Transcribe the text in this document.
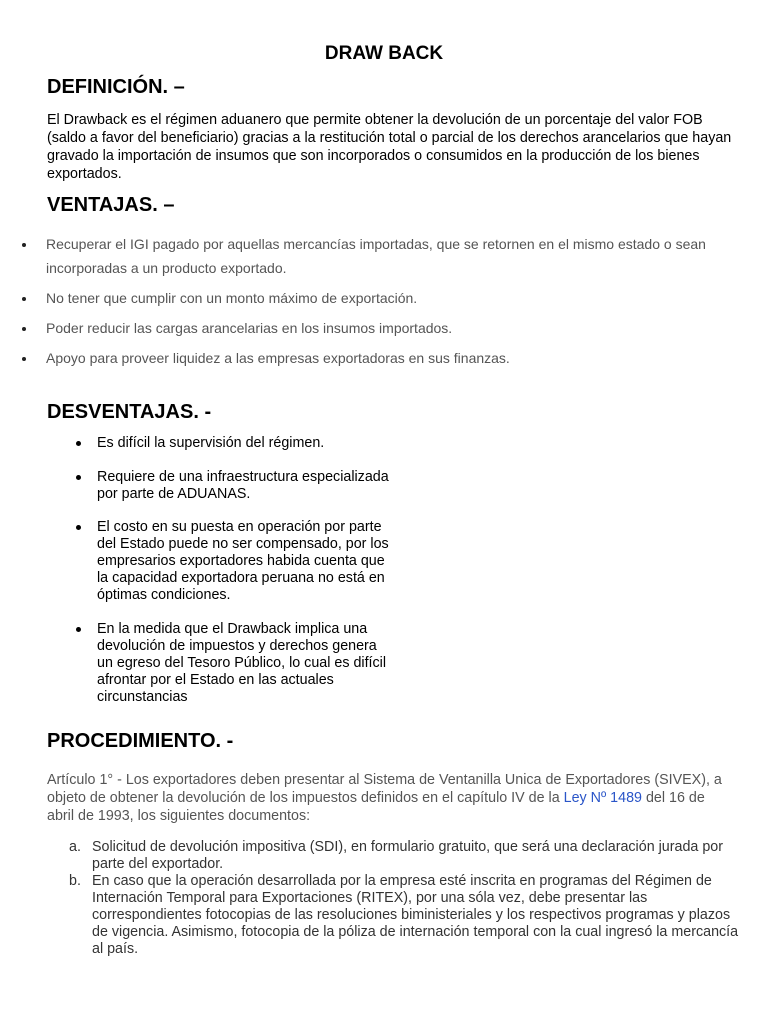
DRAW BACK
DEFINICIÓN. –

El Drawback es el régimen aduanero que permite obtener la devolución de un porcentaje del valor FOB (saldo a favor del beneficiario) gracias a la restitución total o parcial de los derechos arancelarios que hayan gravado la importación de insumos que son incorporados o consumidos en la producción de los bienes exportados.

VENTAJAS. –
Recuperar el IGI pagado por aquellas mercancías importadas, que se retornen en el mismo estado o sean incorporadas a un producto exportado.
No tener que cumplir con un monto máximo de exportación.
Poder reducir las cargas arancelarias en los insumos importados.
Apoyo para proveer liquidez a las empresas exportadoras en sus finanzas.
DESVENTAJAS. -
Es difícil la supervisión del régimen.
Requiere de una infraestructura especializada
por parte de ADUANAS.
El costo en su puesta en operación por parte
del Estado puede no ser compensado, por los
empresarios exportadores habida cuenta que
la capacidad exportadora peruana no está en
óptimas condiciones.
En la medida que el Drawback implica una
devolución de impuestos y derechos genera
un egreso del Tesoro Público, lo cual es difícil
afrontar por el Estado en las actuales circunstancias
PROCEDIMIENTO. -

Artículo 1° - Los exportadores deben presentar al Sistema de Ventanilla Unica de Exportadores (SIVEX), a objeto de obtener la devolución de los impuestos definidos en el capítulo IV de la Ley Nº 1489 del 16 de abril de 1993, los siguientes documentos:

a. Solicitud de devolución impositiva (SDI), en formulario gratuito, que será una declaración jurada por parte del exportador.
b. En caso que la operación desarrollada por la empresa esté inscrita en programas del Régimen de Internación Temporal para Exportaciones (RITEX), por una sóla vez, debe presentar las correspondientes fotocopias de las resoluciones biministeriales y los respectivos programas y plazos de vigencia. Asimismo, fotocopia de la póliza de internación temporal con la cual ingresó la mercancía al país.
